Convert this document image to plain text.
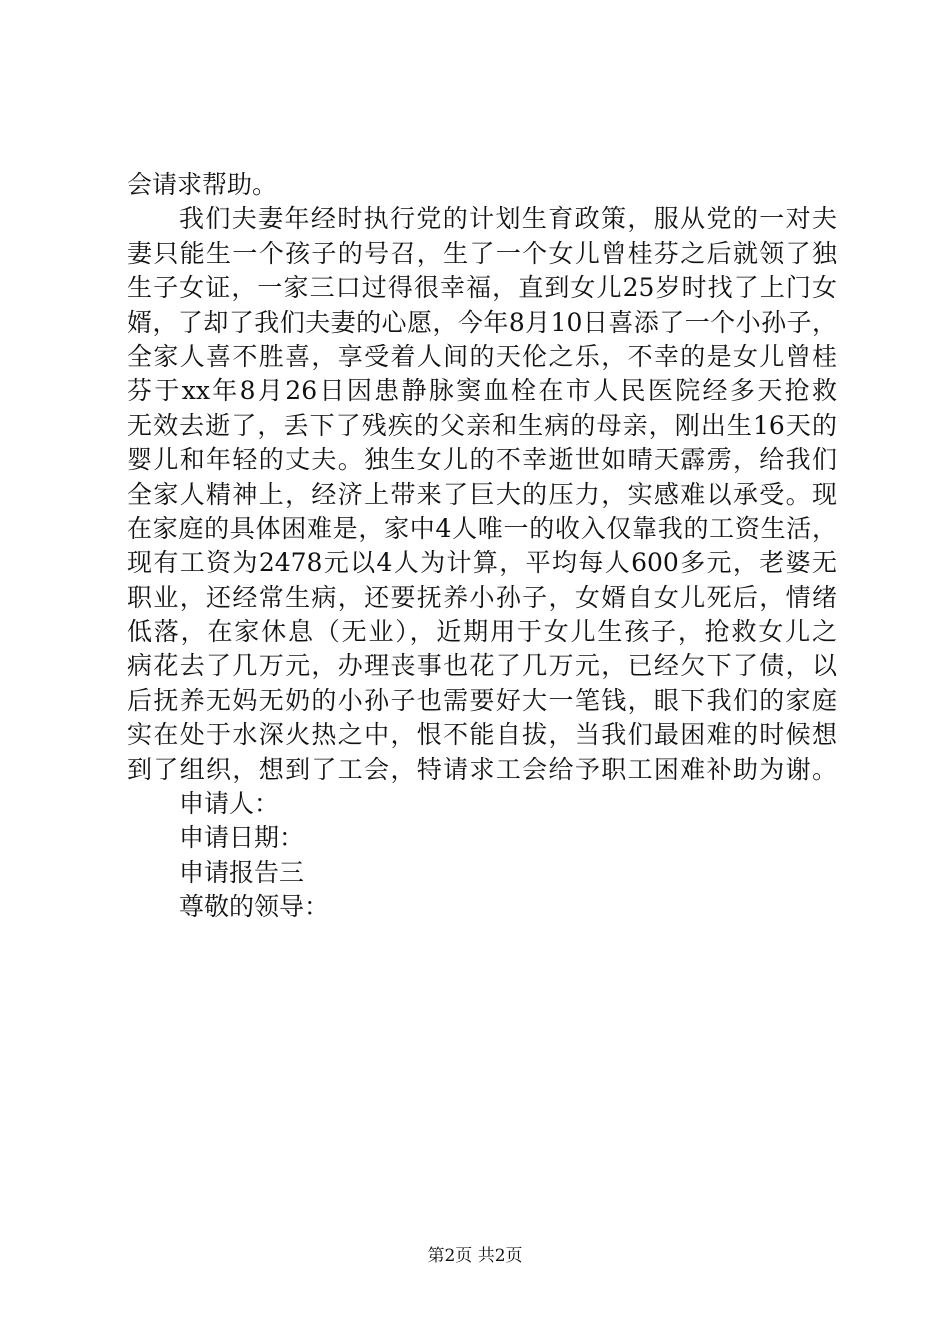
会请求帮助。

我们夫妻年经时执行党的计划生育政策，服从党的一对夫

妻只能生一个孩子的号召，生了一个女儿曾桂芬之后就领了独

生子女证，一家三口过得很幸福，直到女儿25岁时找了上门女

婿，了却了我们夫妻的心愿，今年8月10日喜添了一个小孙子，

全家人喜不胜喜，享受着人间的天伦之乐，不幸的是女儿曾桂

芬于xx年8月26日因患静脉窦血栓在市人民医院经多天抢救

无效去逝了，丢下了残疾的父亲和生病的母亲，刚出生16天的

婴儿和年轻的丈夫。独生女儿的不幸逝世如晴天霹雳，给我们

全家人精神上，经济上带来了巨大的压力，实感难以承受。现

在家庭的具体困难是，家中4人唯一的收入仅靠我的工资生活，

现有工资为2478元以4人为计算，平均每人600多元，老婆无

职业，还经常生病，还要抚养小孙子，女婿自女儿死后，情绪

低落，在家休息（无业），近期用于女儿生孩子，抢救女儿之

病花去了几万元，办理丧事也花了几万元，已经欠下了债，以

后抚养无妈无奶的小孙子也需要好大一笔钱，眼下我们的家庭

实在处于水深火热之中，恨不能自拔，当我们最困难的时候想

到了组织，想到了工会，特请求工会给予职工困难补助为谢。

申请人：

申请日期：

申请报告三

尊敬的领导：

第2页 共2页
